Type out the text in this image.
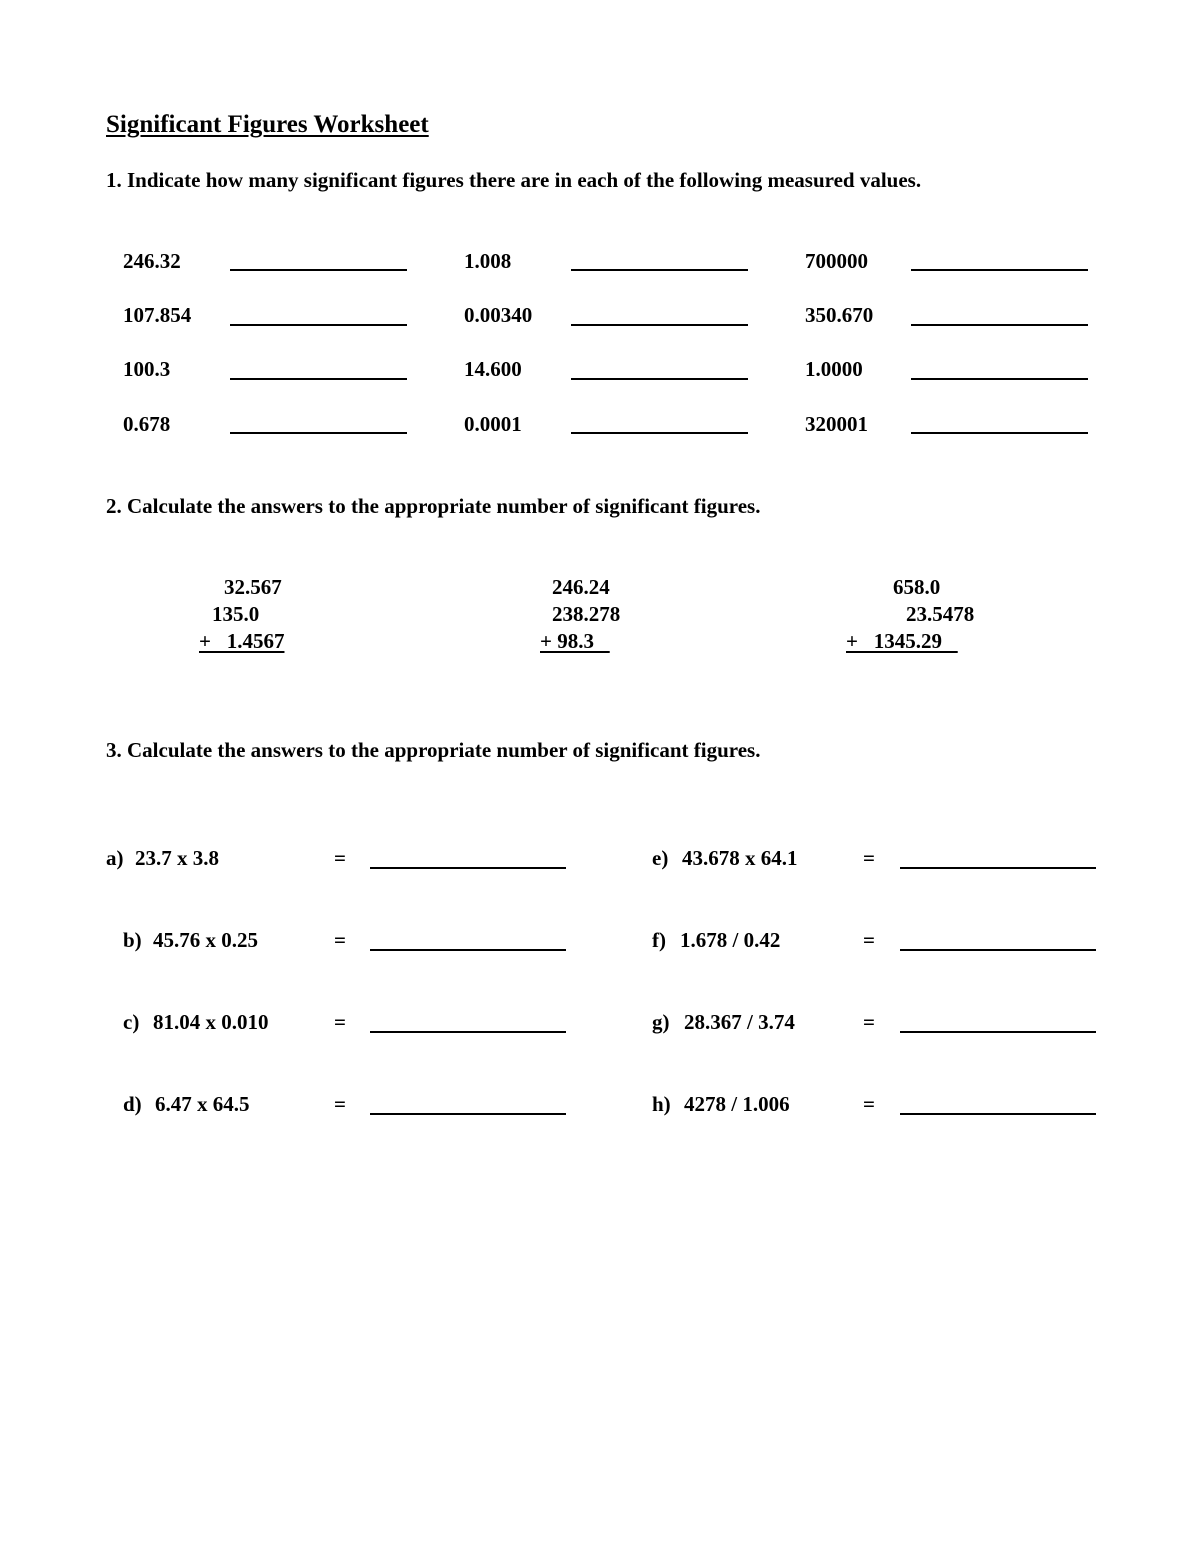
Significant Figures Worksheet
1. Indicate how many significant figures there are in each of the following measured values.
246.32	1.008	700000
107.854	0.00340	350.670
100.3	14.600	1.0000
0.678	0.0001	320001
2. Calculate the answers to the appropriate number of significant figures.
32.567
135.0
+   1.4567
246.24
238.278
+ 98.3
658.0
23.5478
+   1345.29
3. Calculate the answers to the appropriate number of significant figures.
a) 23.7 x 3.8	=
b) 45.76 x 0.25	=
c) 81.04 x 0.010	=
d) 6.47 x 64.5	=
e) 43.678 x 64.1	=
f) 1.678 / 0.42	=
g) 28.367 / 3.74	=
h) 4278 / 1.006	=
